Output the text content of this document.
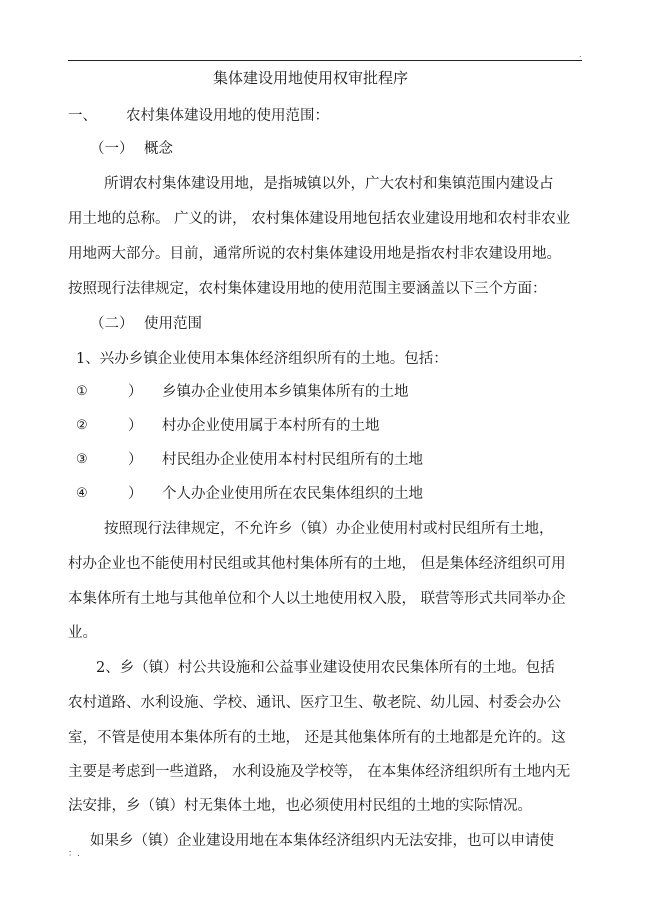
.
集体建设用地使用权审批程序
一、 农村集体建设用地的使用范围：
（一） 概念
所谓农村集体建设用地，是指城镇以外，广大农村和集镇范围内建设占
用土地的总称。 广义的讲， 农村集体建设用地包括农业建设用地和农村非农业
用地两大部分。目前，通常所说的农村集体建设用地是指农村非农建设用地。
按照现行法律规定，农村集体建设用地的使用范围主要涵盖以下三个方面：
（二） 使用范围
1、兴办乡镇企业使用本集体经济组织所有的土地。包括：
①	） 乡镇办企业使用本乡镇集体所有的土地
②	） 村办企业使用属于本村所有的土地
③	） 村民组办企业使用本村村民组所有的土地
④	） 个人办企业使用所在农民集体组织的土地
按照现行法律规定，不允许乡（镇）办企业使用村或村民组所有土地，
村办企业也不能使用村民组或其他村集体所有的土地， 但是集体经济组织可用
本集体所有土地与其他单位和个人以土地使用权入股， 联营等形式共同举办企
业。
2、乡（镇）村公共设施和公益事业建设使用农民集体所有的土地。包括
农村道路、水利设施、学校、通讯、医疗卫生、敬老院、幼儿园、村委会办公
室，不管是使用本集体所有的土地， 还是其他集体所有的土地都是允许的。这
主要是考虑到一些道路， 水利设施及学校等， 在本集体经济组织所有土地内无
法安排，乡（镇）村无集体土地，也必须使用村民组的土地的实际情况。
如果乡（镇）企业建设用地在本集体经济组织内无法安排，也可以申请使
：.
